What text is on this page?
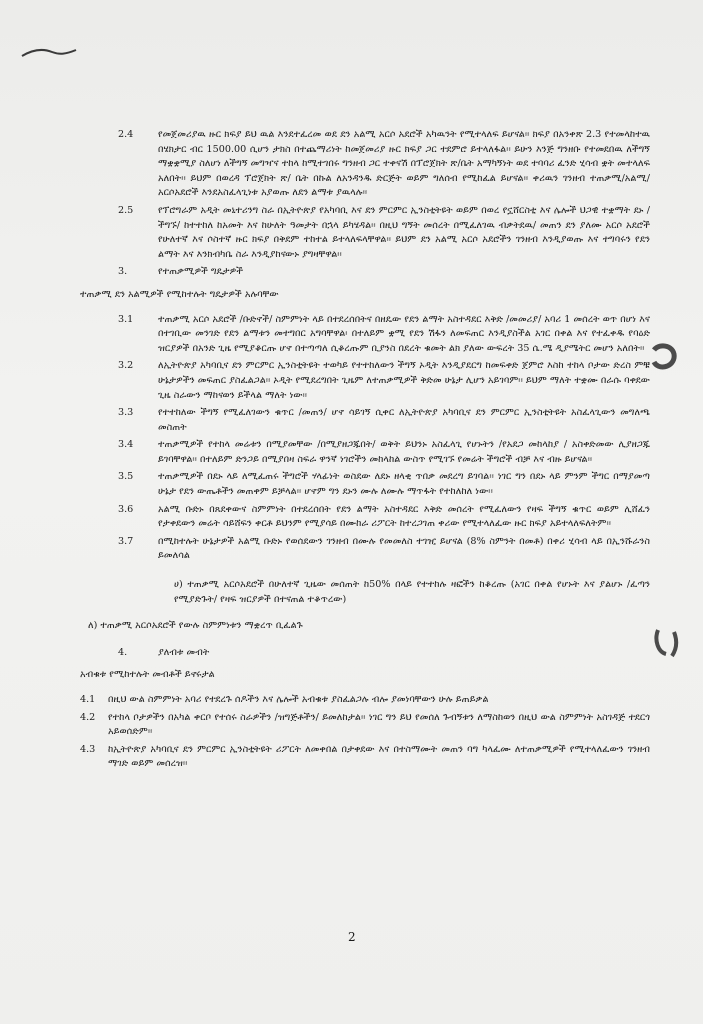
2.4	የመጀመሪያዉ ዙር ክፍያ ይህ ዉል እንደተፈረመ ወደ ደን አልሚ አርሶ አደሮች አካዉንት የሚተላለፍ ይሆናል፡፡ ክፍያ በአንቀጽ 2.3 የተመላከተዉ በሄክታር ብር 1500.00 ሲሆን ታክስ በተጨማሪነት ከመጀመሪያ ዙር ክፍያ ጋር ተደምሮ ይተላለፋል፡፡ ይሁን እንጅ ግንዘቡ የተመደበዉ ለችግኝ ማቋቋሚያ ስለሆነ ለችግኝ መግዣና ተከላ ከሚተገበሩ ግንዘብ ጋር ተቀናሽ በፕሮጀክት ጽ/ቤት አማካኝነት ወደ ተባባሪ ፈንድ ሂሳብ ቋት መተላለፍ አለበት፡፡ ይህም በወረዳ ፕሮጀክት ጽ/ ቤት በኩል ለአንዳንዱ ድርጅት ወይም ግለሰብ የሚከፈል ይሆናል፡፡ ቀሪዉን ገንዘብ ተጠቃሚ/አልሚ/ አርሶአደሮች እንደአስፈላጊነቱ አያወጡ ለደን ልማቱ ያዉላሉ፡፡
2.5	የፕሮግራም አዲት መኒተሪንግ ስራ በኢትዮጵያ የአካባቢ እና ደን ምርምር ኢንስቲትዩት ወይም በወረ የኗሸርስቲ እና ሌሎች ህጋዊ ተቋማት ደኑ /ችግኙ/ ከተተከለ ከአመት እና ከሁለት ዓመታት በኋላ ይካሄዳል፡፡ በዚህ ግኝት መሰረት በሚፈለገዉ ብቃትደዉ/ መጠን ደን ያለሙ አርሶ አደሮች የሁለተኛ እና ሶስተኛ ዙር ክፍያ በቅደም ተከተል ይተላለፍላቸዋል፡፡ ይህም ደን አልሚ አርሶ አደሮችን ገንዘብ እንዲያወጡ እና ተግባሩን የደን ልማት እና እንክብካቤ ስራ እንዲያከናውኑ ያግዛቸዋል፡፡
3.	የተጠቃሚዎች ግዴታዎች
ተጠቃሚ ደን አልሚዎች የሚከተሉት ግዴታዎች አሉባቸው
3.1	ተጠቃሚ አርሶ አደሮች /ቡድኖች/ ስምምነት ላይ በተደረሰበትና በዘዴው የደን ልማት አስተዳደር እቅድ /መመሪያ/ አባሪ 1 መሰረት ወጥ በሆነ እና በተገቢው መንገድ የደን ልማቱን መተግበር አግባቸዋል፡ በተለይም ቋሚ የደን ሽፋን ለመፍጠር እንዲያስችል አገር በቀል እና የተፈቀዱ የባዕድ ዝርያዎች በአንድ ጊዜ የሚያቆርጡ ሆኖ በተጣጣለ ሲቆረጡም ቢያንስ በደረት ቁመት ልክ ያለው ውፍረት 35 ሴ.ሜ ዲያሜትር መሆን አለበት፡፡
3.2	ለኢትዮጵያ አካባቢና ደን ምርምር ኢንስቲትዩት ተወካይ የተተከለውን ችግኝ ኦዲት እንዲያደርግ ከመፍቀድ ጀምሮ እስከ ተከላ ቦታው ድረስ ምቹ ሁኔታዎችን መፍጠር ያስፈልጋል፡፡ ኦዲት የሚደረግበት ጊዜም ለተጠቃሚዎች ቅድመ ሁኔታ ሊሆን አይገባም፡፡ ይህም ማለት ተቋሙ በራሱ ባቀደው ጊዜ ስራውን ማከናወን ይችላል ማለት ነው፡፡
3.3	የተተከለው ችግኝ የሚፈለገውን ቁጥር /መጠን/ ሆኖ ሳይገኝ ሲቀር ለኢትዮጵያ አካባቢና ደን ምርምር ኢንስቲትዩት አስፈላጊውን መግለጫ መስጠት
3.4	ተጠቃሚዎች የተከላ መሬቱን በሚያመቸው /በሚያዘጋጁበት/ ወቅት ይህንኑ አስፈላጊ የሆኑትን /የአደጋ መከላከያ / አስቀድመው ሊያዘጋጁ ይገባቸዋል፡፡ በተለይም ድንጋይ በሚያበዛ ስፍራ ዋንኛ ነገሮችን መከላከል ውስጥ የሚገኙ የመሬት ችግሮች ብቻ እና ብዙ ይሆናል፡፡
3.5	ተጠቃሚዎች በደኑ ላይ ለሚፈጠሩ ችግሮች ሃላፊነት ወስደው ለደኑ ዘላቂ ጥበቃ መደረግ ይገባል፡፡ ነገር ግን በደኑ ላይ ምንም ችግር በማያመጣ ሁኔታ የደን ውጤቶችን መጠቀም ይቻላል፡፡ ሆኖም ግን ደኑን ሙሉ ለሙሉ ማጥፋት የተከለከለ ነው፡፡
3.6	አልሚ ቡድኑ በጸደቀውና ስምምነት በተደረሰበት የደን ልማት አስተዳደር እቅድ መሰረት የሚፈለውን የዛፍ ችግኝ ቁጥር ወይም ሊሸፈን የታቀደውን መሬት ሳይሸፍን ቀርቶ ይህንም የሚያሳይ በሙከራ ሪፖርት ከተረጋገጠ ቀሪው የሚተላለፈው ዙር ክፍያ አይተላለፍለትም፡፡
3.7	በሚከተሉት ሁኔታዎች አልሚ ቡድኑ የወሰደውን ገንዘብ በሙሉ የመመለስ ተገዢ ይሆናል (8% ስምንት በመቶ) በቀሪ ሂሳብ ላይ በኢንሹራንስ ይመለሳል
ሀ) ተጠቃሚ አርሶአደሮች በሁለተኛ ጊዜው መሰጠት ከ50% በላይ የተተከሉ ዛፎችን ከቆረጡ (አገር በቀል የሆኑት እና ያልሆኑ /ፈጣን የሚያድጉት/ የዛፍ ዝርያዎች በተናጠል ተቆጥረው)
ለ) ተጠቃሚ አርሶአደሮች የውሉ ስምምነቱን ማቋረጥ ቢፈልጉ
4.	ያለብቱ መብት
አብቁቱ የሚከተሉት መብቶች ይኖሩታል
4.1	በዚህ ውል ስምምነት አባሪ የተደረጉ ሰዶችን እና ሌሎች አብቁቱ ያስፈልጋሉ ብሎ ያመነባቸውን ሁሉ ይጠይቃል
4.2	የተከላ ቦታዎችን በአካል ቀርቦ የተሰሩ ስራዎችን /ዝግጅቶችን/ ይመለከታል፡፡ ነገር ግን ይህ የመሰለ ጉብኝቱን ለማስከወን በዚህ ውል ስምምነት አስገዳጅ ተደርጎ አይወሰድም፡፡
4.3	ከኢትዮጵያ አካባቢና ደን ምርምር ኢንስቲትዩት ሪፖርት ለመቀበል በታቀደው እና በተስማሙት መጠን ባግ ካላፈሙ ለተጠቃሚዎች የሚተላለፈውን ገንዘብ ማገድ ወይም መሰረዝ፡፡
2
